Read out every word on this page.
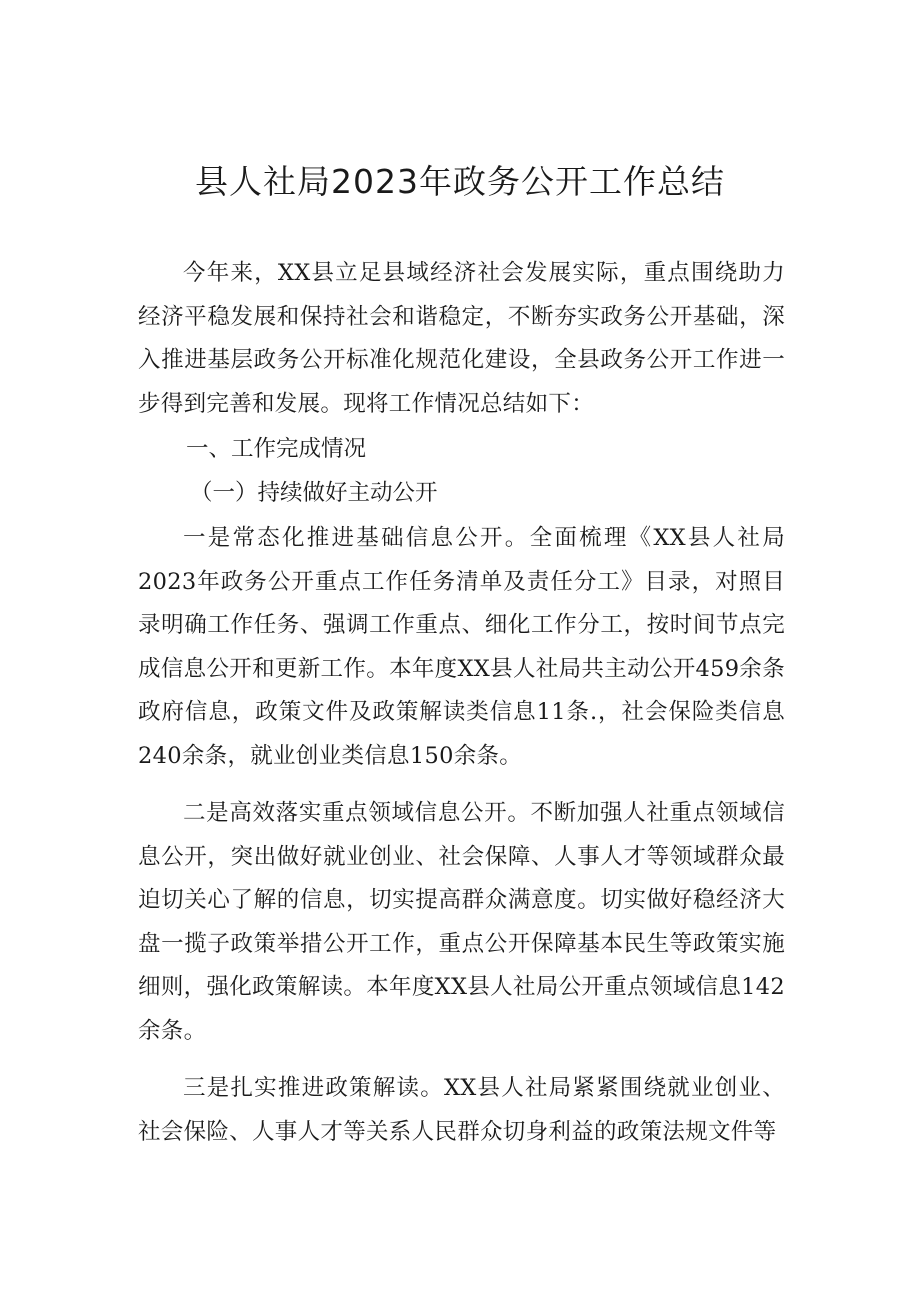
县人社局2023年政务公开工作总结

今年来，XX县立足县域经济社会发展实际，重点围绕助力经济平稳发展和保持社会和谐稳定，不断夯实政务公开基础，深入推进基层政务公开标准化规范化建设，全县政务公开工作进一步得到完善和发展。现将工作情况总结如下：

一、工作完成情况

（一）持续做好主动公开

一是常态化推进基础信息公开。全面梳理《XX县人社局2023年政务公开重点工作任务清单及责任分工》目录，对照目录明确工作任务、强调工作重点、细化工作分工，按时间节点完成信息公开和更新工作。本年度XX县人社局共主动公开459余条政府信息，政策文件及政策解读类信息11条.，社会保险类信息240余条，就业创业类信息150余条。

二是高效落实重点领域信息公开。不断加强人社重点领域信息公开，突出做好就业创业、社会保障、人事人才等领域群众最迫切关心了解的信息，切实提高群众满意度。切实做好稳经济大盘一揽子政策举措公开工作，重点公开保障基本民生等政策实施细则，强化政策解读。本年度XX县人社局公开重点领域信息142余条。

三是扎实推进政策解读。XX县人社局紧紧围绕就业创业、社会保险、人事人才等关系人民群众切身利益的政策法规文件等
